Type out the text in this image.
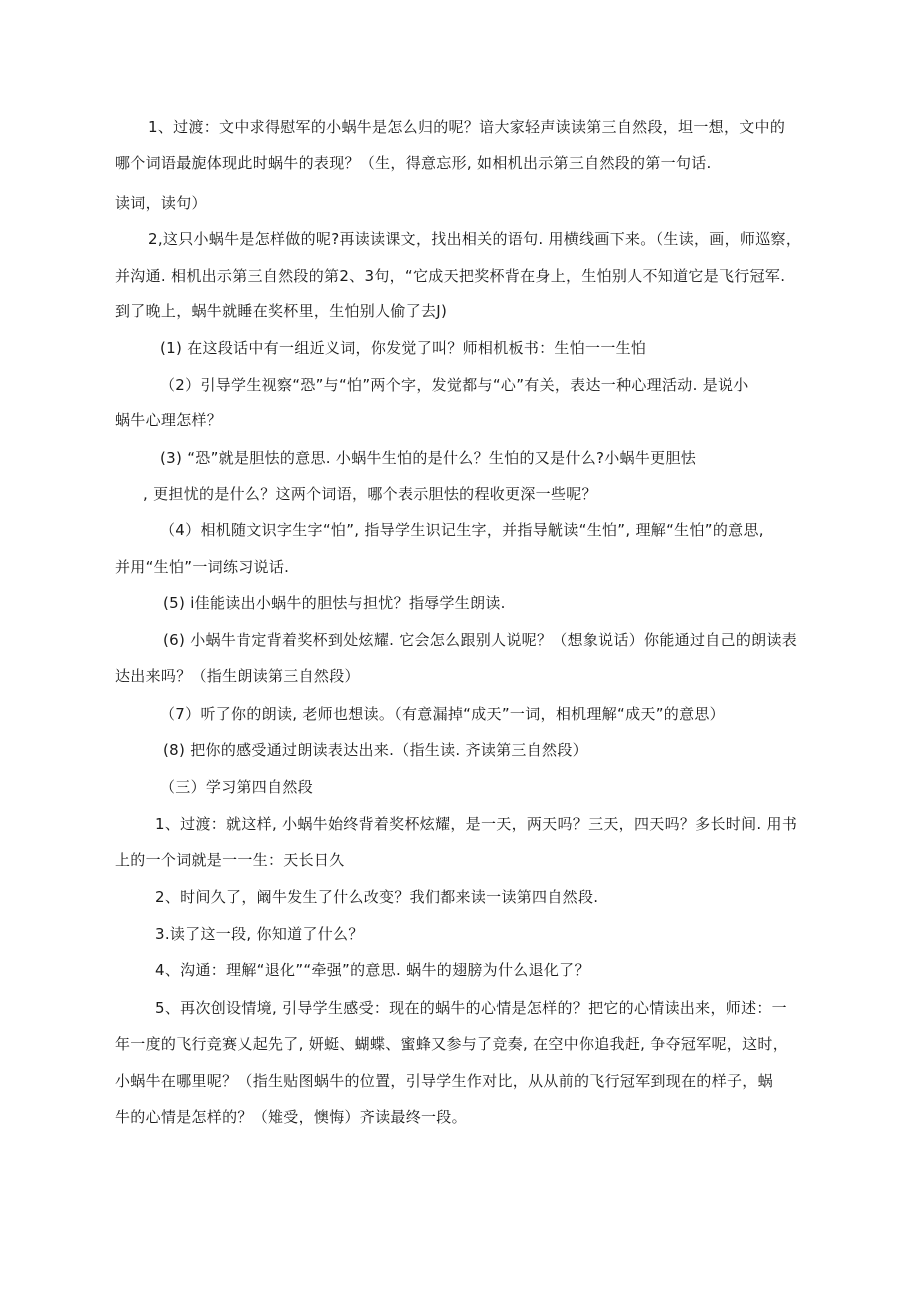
1、过渡：文中求得慰军的小蜗牛是怎么归的呢？谙大家轻声读读第三自然段，坦一想，文中的
哪个词语最旎体现此时蜗牛的表现？（生，得意忘形, 如相机出示第三自然段的第一句话.
读词，读句）
2,这只小蜗牛是怎样做的呢?再读读课文，找出相关的语句. 用横线画下来。（生读，画，师巡察，
并沟通. 相机出示第三自然段的第2、3句，“它成天把奖杯背在身上，生怕别人不知道它是飞行冠军.
到了晚上，蜗牛就睡在奖杯里，生怕别人偷了去J)
(1) 在这段话中有一组近义词，你发觉了叫？师相机板书：生怕一一生怕
（2）引导学生视察“恐”与“怕”两个字，发觉都与“心”有关，表达一种心理活动. 是说小
蜗牛心理怎样？
(3) “恐”就是胆怯的意思. 小蜗牛生怕的是什么？生怕的又是什么?小蜗牛更胆怯
, 更担忧的是什么？这两个词语，哪个表示胆怯的程收更深一些呢？
（4）相机随文识字生字“怕”, 指导学生识记生字，并指导觥读“生怕”, 理解“生怕”的意思,
并用“生怕”一词练习说话.
(5) i佳能读出小蜗牛的胆怯与担忧？指辱学生朗读.
(6) 小蜗牛肯定背着奖杯到处炫耀. 它会怎么跟别人说呢？（想象说话）你能通过自己的朗读表
达出来吗？（指生朗读第三自然段）
（7）听了你的朗读, 老师也想读。（有意漏掉“成天”一词，相机理解“成天”的意思）
(8) 把你的感受通过朗读表达出来.（指生读. 齐读第三自然段）
（三）学习第四自然段
1、过渡：就这样, 小蜗牛始终背着奖杯炫耀，是一天，两天吗？三天，四天吗？多长时间. 用书
上的一个词就是一一生：天长日久
2、时间久了，阚牛发生了什么改变？我们都来读一读第四自然段.
3.读了这一段, 你知道了什么？
4、沟通：理解“退化”“牵强”的意思. 蜗牛的翅膀为什么退化了？
5、再次创设情境, 引导学生感受：现在的蜗牛的心情是怎样的？把它的心情读出来，师述：一
年一度的飞行竞赛乂起先了, 妍蜓、蝴蝶、蜜蜂又参与了竞奏, 在空中你追我赶, 争夺冠军呢，这时，
小蜗牛在哪里呢？（指生贴图蜗牛的位置，引导学生作对比，从从前的飞行冠军到现在的样子，蜗
牛的心情是怎样的？（雉受，懊悔）齐读最终一段。
